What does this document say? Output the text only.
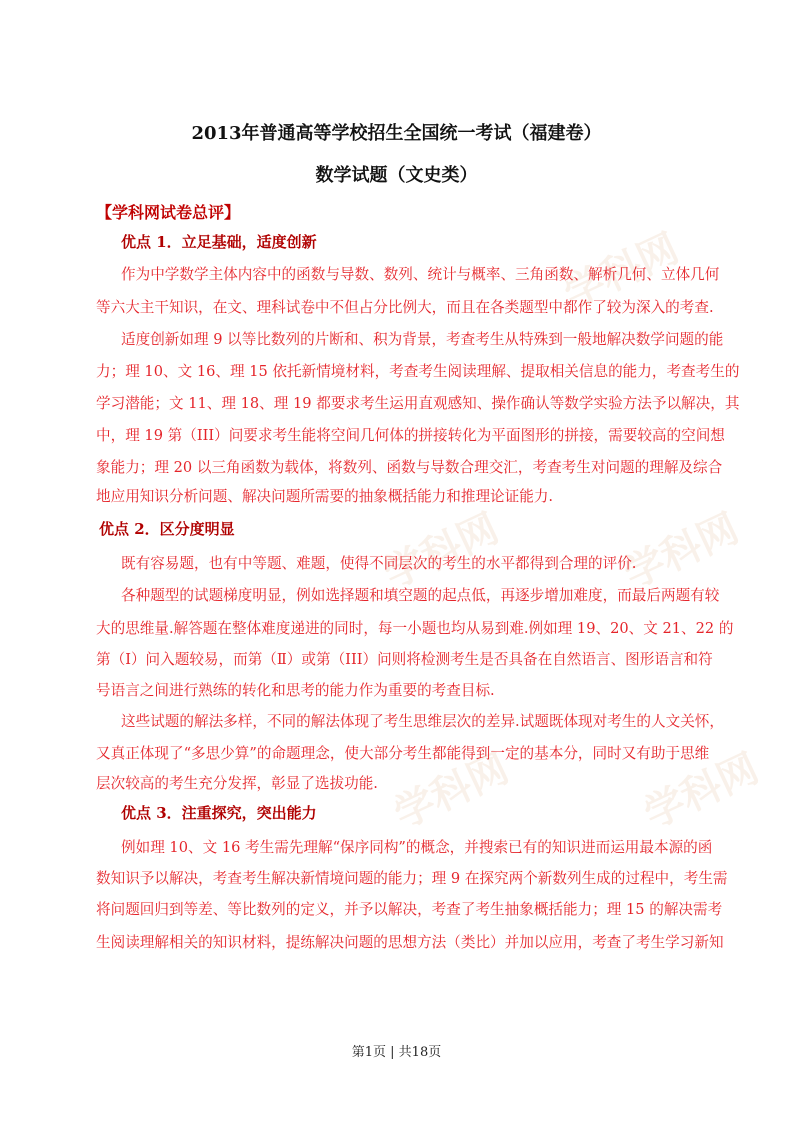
学科网
学科网	学科网
学科网	学科网
2013年普通高等学校招生全国统一考试（福建卷）
数学试题（文史类）
【学科网试卷总评】
优点 1．立足基础，适度创新
作为中学数学主体内容中的函数与导数、数列、统计与概率、三角函数、解析几何、立体几何
等六大主干知识，在文、理科试卷中不但占分比例大，而且在各类题型中都作了较为深入的考查.
适度创新如理 9 以等比数列的片断和、积为背景，考查考生从特殊到一般地解决数学问题的能
力；理 10、文 16、理 15 依托新情境材料，考查考生阅读理解、提取相关信息的能力，考查考生的
学习潜能；文 11、理 18、理 19 都要求考生运用直观感知、操作确认等数学实验方法予以解决，其
中，理 19 第（III）问要求考生能将空间几何体的拼接转化为平面图形的拼接，需要较高的空间想
象能力；理 20 以三角函数为载体，将数列、函数与导数合理交汇，考查考生对问题的理解及综合
地应用知识分析问题、解决问题所需要的抽象概括能力和推理论证能力.
优点 2．区分度明显
既有容易题，也有中等题、难题，使得不同层次的考生的水平都得到合理的评价.
各种题型的试题梯度明显，例如选择题和填空题的起点低，再逐步增加难度，而最后两题有较
大的思维量.解答题在整体难度递进的同时，每一小题也均从易到难.例如理 19、20、文 21、22 的
第（Ⅰ）问入题较易，而第（Ⅱ）或第（III）问则将检测考生是否具备在自然语言、图形语言和符
号语言之间进行熟练的转化和思考的能力作为重要的考查目标.
这些试题的解法多样，不同的解法体现了考生思维层次的差异.试题既体现对考生的人文关怀，
又真正体现了“多思少算”的命题理念，使大部分考生都能得到一定的基本分，同时又有助于思维
层次较高的考生充分发挥，彰显了选拔功能.
优点 3．注重探究，突出能力
例如理 10、文 16 考生需先理解“保序同构”的概念，并搜索已有的知识进而运用最本源的函
数知识予以解决，考查考生解决新情境问题的能力；理 9 在探究两个新数列生成的过程中，考生需
将问题回归到等差、等比数列的定义，并予以解决，考查了考生抽象概括能力；理 15 的解决需考
生阅读理解相关的知识材料，提练解决问题的思想方法（类比）并加以应用，考查了考生学习新知
第1页 | 共18页
